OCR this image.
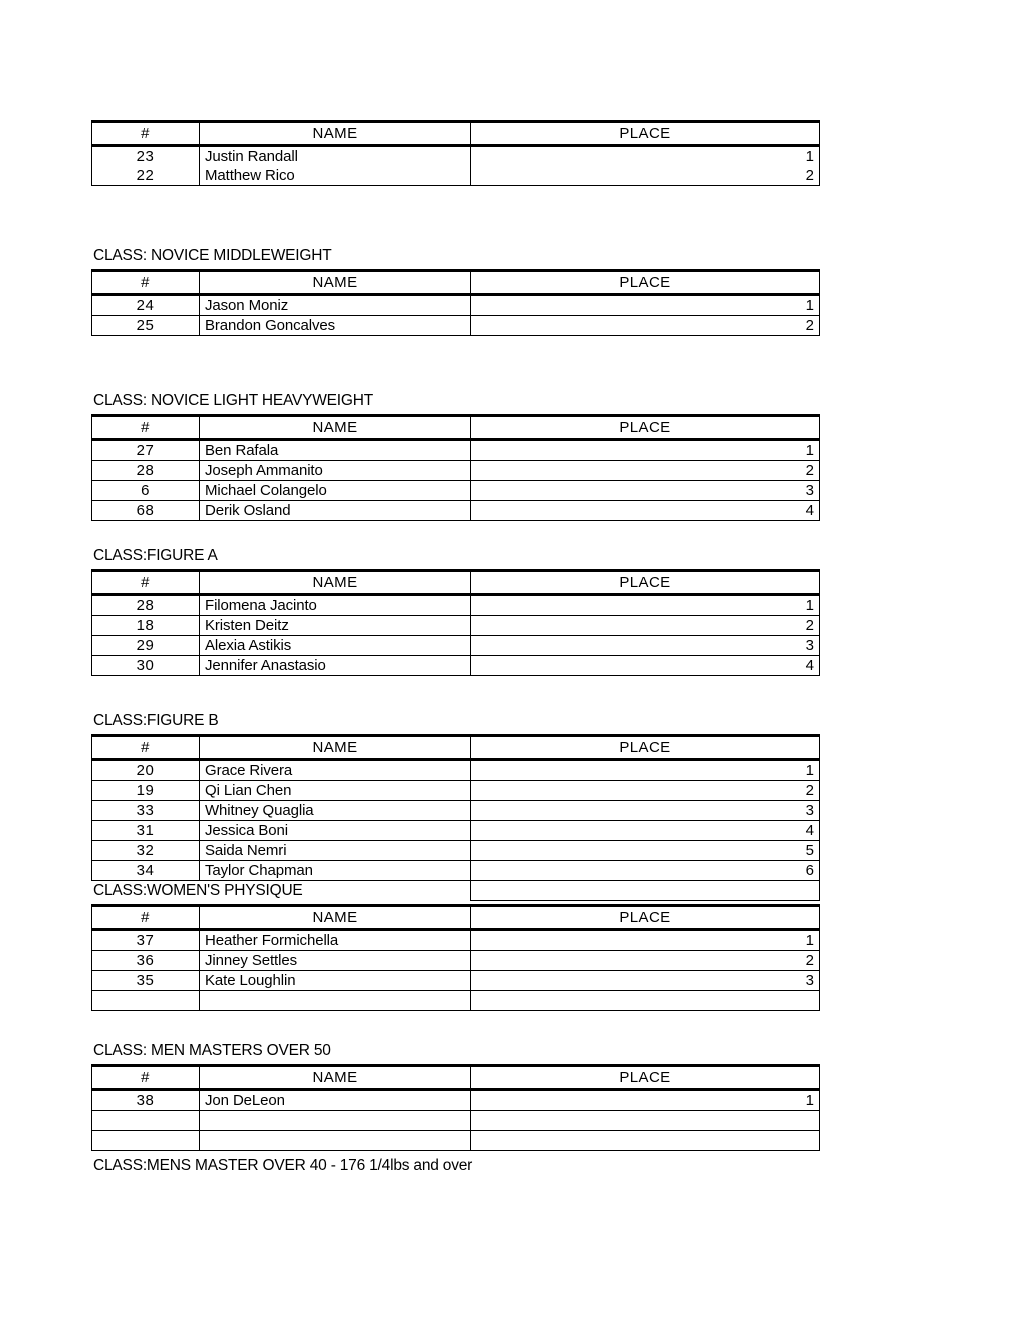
#	NAME	PLACE
23	Justin Randall	1
22	Matthew Rico	2
CLASS: NOVICE MIDDLEWEIGHT
#	NAME	PLACE
24	Jason Moniz	1
25	Brandon Goncalves	2
CLASS: NOVICE LIGHT HEAVYWEIGHT
#	NAME	PLACE
27	Ben Rafala	1
28	Joseph Ammanito	2
6	Michael Colangelo	3
68	Derik Osland	4
CLASS:FIGURE A
#	NAME	PLACE
28	Filomena Jacinto	1
18	Kristen Deitz	2
29	Alexia Astikis	3
30	Jennifer Anastasio	4
CLASS:FIGURE B
#	NAME	PLACE
20	Grace Rivera	1
19	Qi Lian Chen	2
33	Whitney Quaglia	3
31	Jessica Boni	4
32	Saida Nemri	5
34	Taylor Chapman	6

CLASS:WOMEN'S PHYSIQUE
#	NAME	PLACE
37	Heather Formichella	1
36	Jinney Settles	2
35	Kate Loughlin	3

CLASS: MEN MASTERS OVER 50
#	NAME	PLACE
38	Jon DeLeon	1

CLASS:MENS MASTER OVER 40 - 176 1/4lbs and over
